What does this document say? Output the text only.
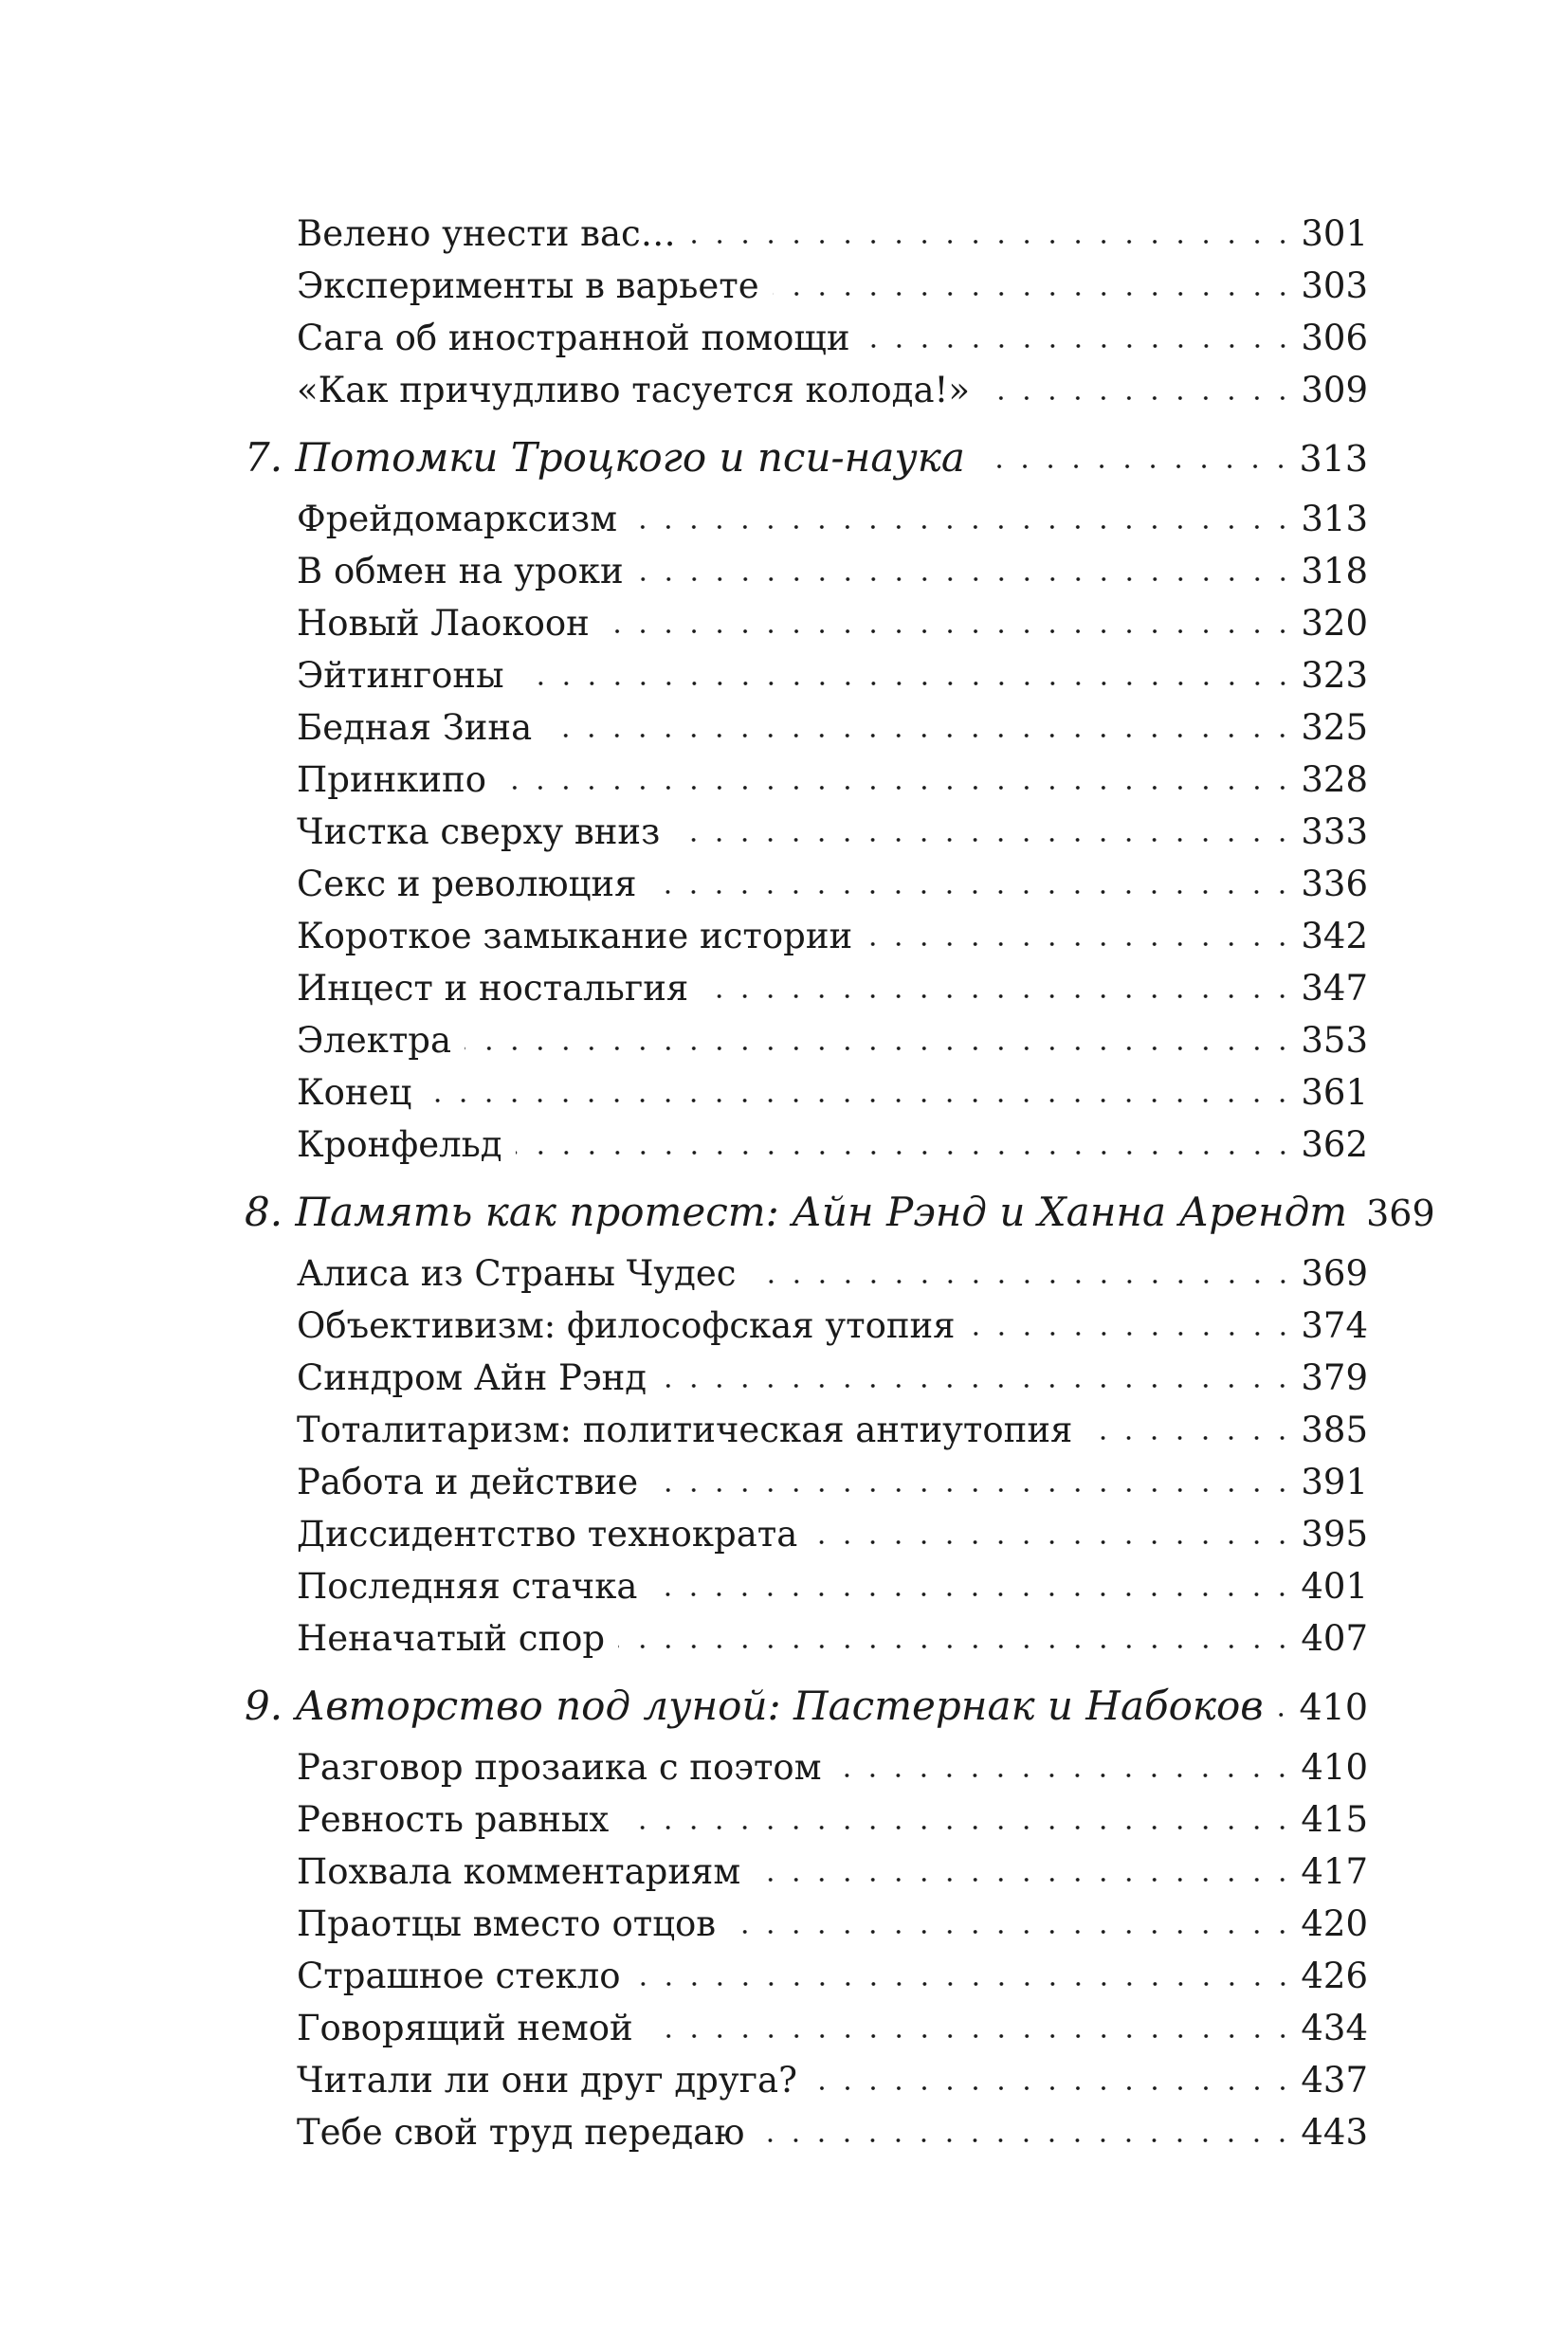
Велено унести вас…	301
Эксперименты в варьете	303
Сага об иностранной помощи	306
«Как причудливо тасуется колода!»	309
7. Потомки Троцкого и пси-наука	313
Фрейдомарксизм	313
В обмен на уроки	318
Новый Лаокоон	320
Эйтингоны	323
Бедная Зина	325
Принкипо	328
Чистка сверху вниз	333
Секс и революция	336
Короткое замыкание истории	342
Инцест и ностальгия	347
Электра	353
Конец	361
Кронфельд	362
8. Память как протест: Айн Рэнд и Ханна Арендт 369
Алиса из Страны Чудес	369
Объективизм: философская утопия	374
Синдром Айн Рэнд	379
Тоталитаризм: политическая антиутопия	385
Работа и действие	391
Диссидентство технократа	395
Последняя стачка	401
Неначатый спор	407
9. Авторство под луной: Пастернак и Набоков 410
Разговор прозаика с поэтом	410
Ревность равных	415
Похвала комментариям	417
Праотцы вместо отцов	420
Страшное стекло	426
Говорящий немой	434
Читали ли они друг друга?	437
Тебе свой труд передаю	443
